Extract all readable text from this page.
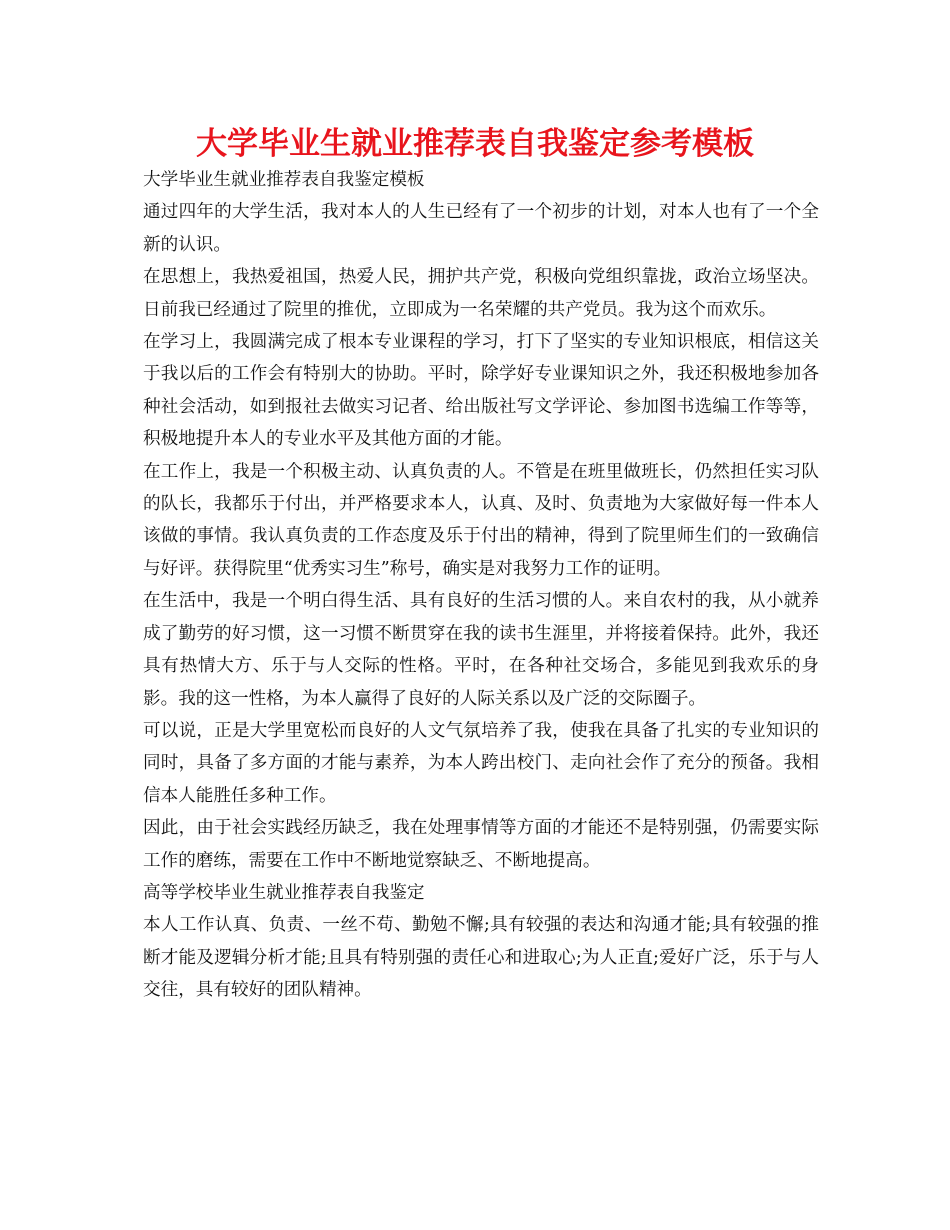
大学毕业生就业推荐表自我鉴定参考模板

大学毕业生就业推荐表自我鉴定模板

通过四年的大学生活，我对本人的人生已经有了一个初步的计划，对本人也有了一个全新的认识。

在思想上，我热爱祖国，热爱人民，拥护共产党，积极向党组织靠拢，政治立场坚决。日前我已经通过了院里的推优，立即成为一名荣耀的共产党员。我为这个而欢乐。

在学习上，我圆满完成了根本专业课程的学习，打下了坚实的专业知识根底，相信这关于我以后的工作会有特别大的协助。平时，除学好专业课知识之外，我还积极地参加各种社会活动，如到报社去做实习记者、给出版社写文学评论、参加图书选编工作等等，积极地提升本人的专业水平及其他方面的才能。

在工作上，我是一个积极主动、认真负责的人。不管是在班里做班长，仍然担任实习队的队长，我都乐于付出，并严格要求本人，认真、及时、负责地为大家做好每一件本人该做的事情。我认真负责的工作态度及乐于付出的精神，得到了院里师生们的一致确信与好评。获得院里“优秀实习生”称号，确实是对我努力工作的证明。

在生活中，我是一个明白得生活、具有良好的生活习惯的人。来自农村的我，从小就养成了勤劳的好习惯，这一习惯不断贯穿在我的读书生涯里，并将接着保持。此外，我还具有热情大方、乐于与人交际的性格。平时，在各种社交场合，多能见到我欢乐的身影。我的这一性格，为本人赢得了良好的人际关系以及广泛的交际圈子。

可以说，正是大学里宽松而良好的人文气氛培养了我，使我在具备了扎实的专业知识的同时，具备了多方面的才能与素养，为本人跨出校门、走向社会作了充分的预备。我相信本人能胜任多种工作。

因此，由于社会实践经历缺乏，我在处理事情等方面的才能还不是特别强，仍需要实际工作的磨练，需要在工作中不断地觉察缺乏、不断地提高。

高等学校毕业生就业推荐表自我鉴定

本人工作认真、负责、一丝不苟、勤勉不懈;具有较强的表达和沟通才能;具有较强的推断才能及逻辑分析才能;且具有特别强的责任心和进取心;为人正直;爱好广泛，乐于与人交往，具有较好的团队精神。
